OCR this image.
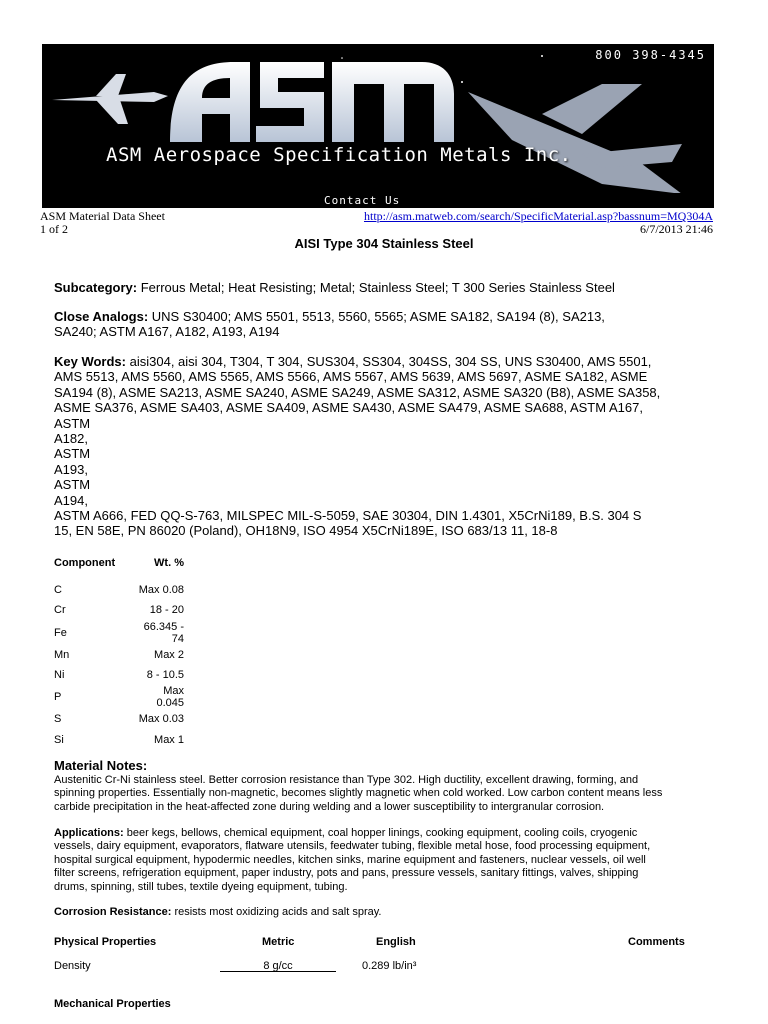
800 398-4345
ASM Aerospace Specification Metals Inc.
Contact Us
ASM Material Data Sheet
1 of 2
http://asm.matweb.com/search/SpecificMaterial.asp?bassnum=MQ304A
6/7/2013 21:46
AISI Type 304 Stainless Steel
Subcategory: Ferrous Metal; Heat Resisting; Metal; Stainless Steel; T 300 Series Stainless Steel
Close Analogs: UNS S30400; AMS 5501, 5513, 5560, 5565; ASME SA182, SA194 (8), SA213,
SA240; ASTM A167, A182, A193, A194
Key Words: aisi304, aisi 304, T304, T 304, SUS304, SS304, 304SS, 304 SS, UNS S30400, AMS 5501,
AMS 5513, AMS 5560, AMS 5565, AMS 5566, AMS 5567, AMS 5639, AMS 5697, ASME SA182, ASME
SA194 (8), ASME SA213, ASME SA240, ASME SA249, ASME SA312, ASME SA320 (B8), ASME SA358,
ASME SA376, ASME SA403, ASME SA409, ASME SA430, ASME SA479, ASME SA688, ASTM A167,
ASTM
A182,
ASTM
A193,
ASTM
A194,
ASTM A666, FED QQ-S-763, MILSPEC MIL-S-5059, SAE 30304, DIN 1.4301, X5CrNi189, B.S. 304 S
15, EN 58E, PN 86020 (Poland), OH18N9, ISO 4954 X5CrNi189E, ISO 683/13 11, 18-8
Component	Wt. %

C	Max 0.08
Cr	18 - 20
Fe	66.345 - 74
Mn	Max 2
Ni	8 - 10.5
P	Max 0.045
S	Max 0.03
Si	Max 1
Material Notes:
Austenitic Cr-Ni stainless steel. Better corrosion resistance than Type 302. High ductility, excellent drawing, forming, and
spinning properties. Essentially non-magnetic, becomes slightly magnetic when cold worked. Low carbon content means less
carbide precipitation in the heat-affected zone during welding and a lower susceptibility to intergranular corrosion.
Applications: beer kegs, bellows, chemical equipment, coal hopper linings, cooking equipment, cooling coils, cryogenic
vessels, dairy equipment, evaporators, flatware utensils, feedwater tubing, flexible metal hose, food processing equipment,
hospital surgical equipment, hypodermic needles, kitchen sinks, marine equipment and fasteners, nuclear vessels, oil well
filter screens, refrigeration equipment, paper industry, pots and pans, pressure vessels, sanitary fittings, valves, shipping
drums, spinning, still tubes, textile dyeing equipment, tubing.
Corrosion Resistance: resists most oxidizing acids and salt spray.
Physical Properties	Metric	English	Comments
Density	8 g/cc	0.289 lb/in³
Mechanical Properties
